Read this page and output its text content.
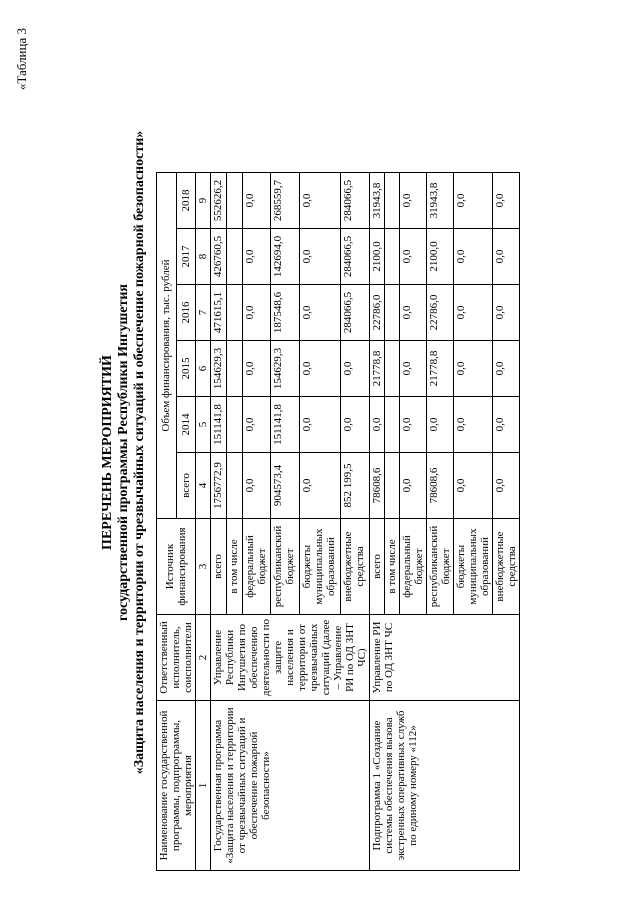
«Таблица 3
ПЕРЕЧЕНЬ МЕРОПРИЯТИЙ государственной программы Республики Ингушетия «Защита населения и территории от чрезвычайных ситуаций и обеспечение пожарной безопасности»
Наименование государственной программы, подпрограммы, мероприятия	Ответственный исполнитель, соисполнители	Источник финансирования	Объем финансирования, тыс. рублей					
			всего	2014	2015	2016	2017	2018
1	2	3	4	5	6	7	8	9
Государственная программа «Защита населения и территории от чрезвычайных ситуаций и обеспечение пожарной безопасности»	Управление Республики Ингушетия по обеспечению деятельности по защите населения и территории от чрезвычайных ситуаций (далее – Управление РИ по ОД ЗНТ ЧС)	всего	1756772,9	151141,8	154629,3	471615,1	426760,5	552626,2
		в том числе						
		федеральный бюджет	0,0	0,0	0,0	0,0	0,0	0,0
		республиканский бюджет	904573,4	151141,8	154629,3	187548,6	142694,0	268559,7
		бюджеты муниципальных образований	0,0	0,0	0,0	0,0	0,0	0,0
		внебюджетные средства	852 199,5	0,0	0,0	284066,5	284066,5	284066,5
Подпрограмма 1 «Создание системы обеспечения вызова экстренных оперативных служб по единому номеру «112»	Управление РИ по ОД ЗНТ ЧС	всего	78608,6	0,0	21778,8	22786,0	2100,0	31943,8
		в том числе						
		федеральный бюджет	0,0	0,0	0,0	0,0	0,0	0,0
		республиканский бюджет	78608,6	0,0	21778,8	22786,0	2100,0	31943,8
		бюджеты муниципальных образований	0,0	0,0	0,0	0,0	0,0	0,0
		внебюджетные средства	0,0	0,0	0,0	0,0	0,0	0,0
